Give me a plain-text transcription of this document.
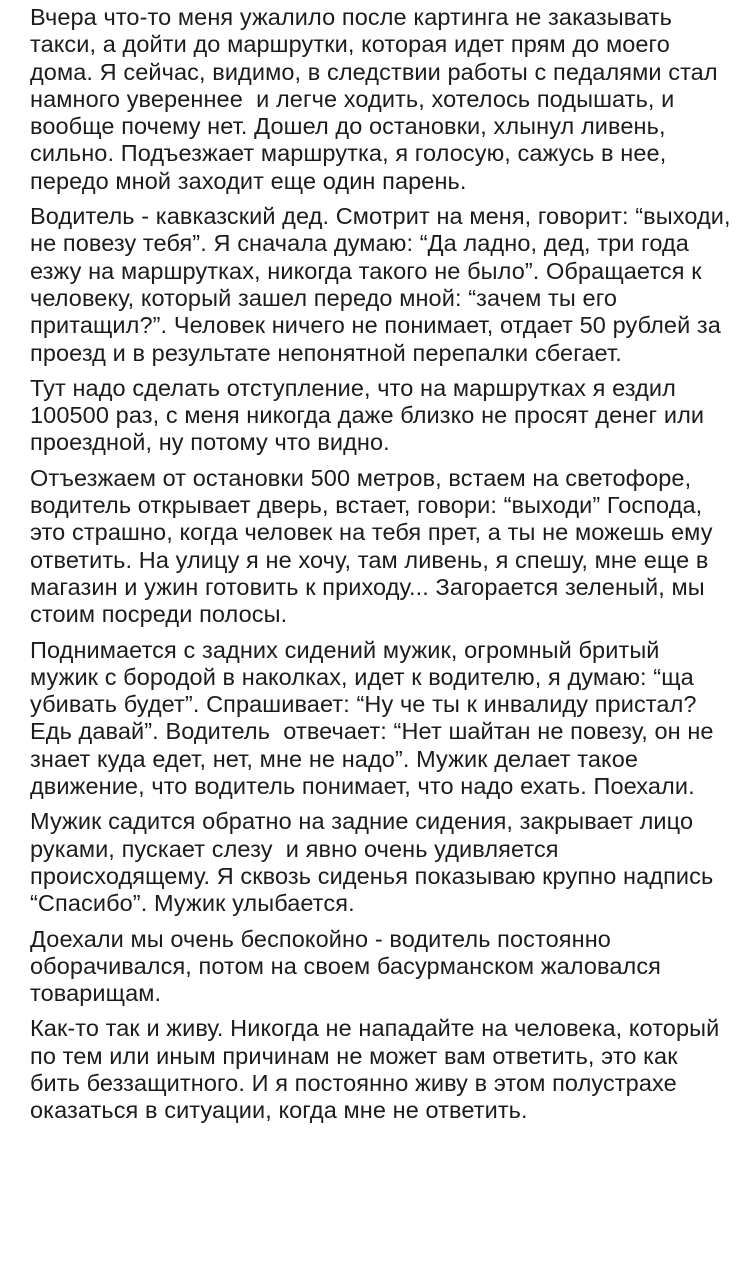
Вчера что-то меня ужалило после картинга не заказывать такси, а дойти до маршрутки, которая идет прям до моего дома. Я сейчас, видимо, в следствии работы с педалями стал намного увереннее  и легче ходить, хотелось подышать, и вообще почему нет. Дошел до остановки, хлынул ливень, сильно. Подъезжает маршрутка, я голосую, сажусь в нее, передо мной заходит еще один парень.

Водитель - кавказский дед. Смотрит на меня, говорит: “выходи, не повезу тебя”. Я сначала думаю: “Да ладно, дед, три года езжу на маршрутках, никогда такого не было”. Обращается к человеку, который зашел передо мной: “зачем ты его притащил?”. Человек ничего не понимает, отдает 50 рублей за проезд и в результате непонятной перепалки сбегает.

Тут надо сделать отступление, что на маршрутках я ездил 100500 раз, с меня никогда даже близко не просят денег или проездной, ну потому что видно.

Отъезжаем от остановки 500 метров, встаем на светофоре, водитель открывает дверь, встает, говори: “выходи” Господа, это страшно, когда человек на тебя прет, а ты не можешь ему ответить. На улицу я не хочу, там ливень, я спешу, мне еще в магазин и ужин готовить к приходу... Загорается зеленый, мы стоим посреди полосы.

Поднимается с задних сидений мужик, огромный бритый мужик с бородой в наколках, идет к водителю, я думаю: “ща убивать будет”. Спрашивает: “Ну че ты к инвалиду пристал? Едь давай”. Водитель  отвечает: “Нет шайтан не повезу, он не знает куда едет, нет, мне не надо”. Мужик делает такое движение, что водитель понимает, что надо ехать. Поехали.

Мужик садится обратно на задние сидения, закрывает лицо руками, пускает слезу  и явно очень удивляется происходящему. Я сквозь сиденья показываю крупно надпись “Спасибо”. Мужик улыбается.

Доехали мы очень беспокойно - водитель постоянно оборачивался, потом на своем басурманском жаловался товарищам.

Как-то так и живу. Никогда не нападайте на человека, который по тем или иным причинам не может вам ответить, это как бить беззащитного. И я постоянно живу в этом полустрахе оказаться в ситуации, когда мне не ответить.
